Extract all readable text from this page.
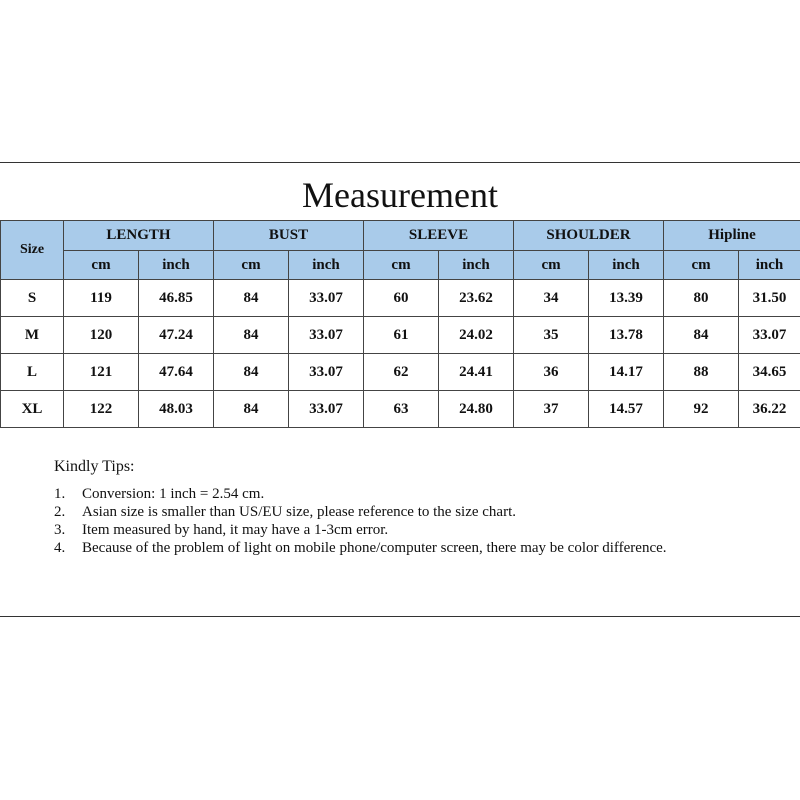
Measurement
Size	LENGTH		BUST		SLEEVE		SHOULDER		Hipline	
	cm	inch	cm	inch	cm	inch	cm	inch	cm	inch
S	119	46.85	84	33.07	60	23.62	34	13.39	80	31.50
M	120	47.24	84	33.07	61	24.02	35	13.78	84	33.07
L	121	47.64	84	33.07	62	24.41	36	14.17	88	34.65
XL	122	48.03	84	33.07	63	24.80	37	14.57	92	36.22
Kindly Tips:
1. Conversion: 1 inch = 2.54 cm.
2. Asian size is smaller than US/EU size, please reference to the size chart.
3. Item measured by hand, it may have a 1-3cm error.
4. Because of the problem of light on mobile phone/computer screen, there may be color difference.
